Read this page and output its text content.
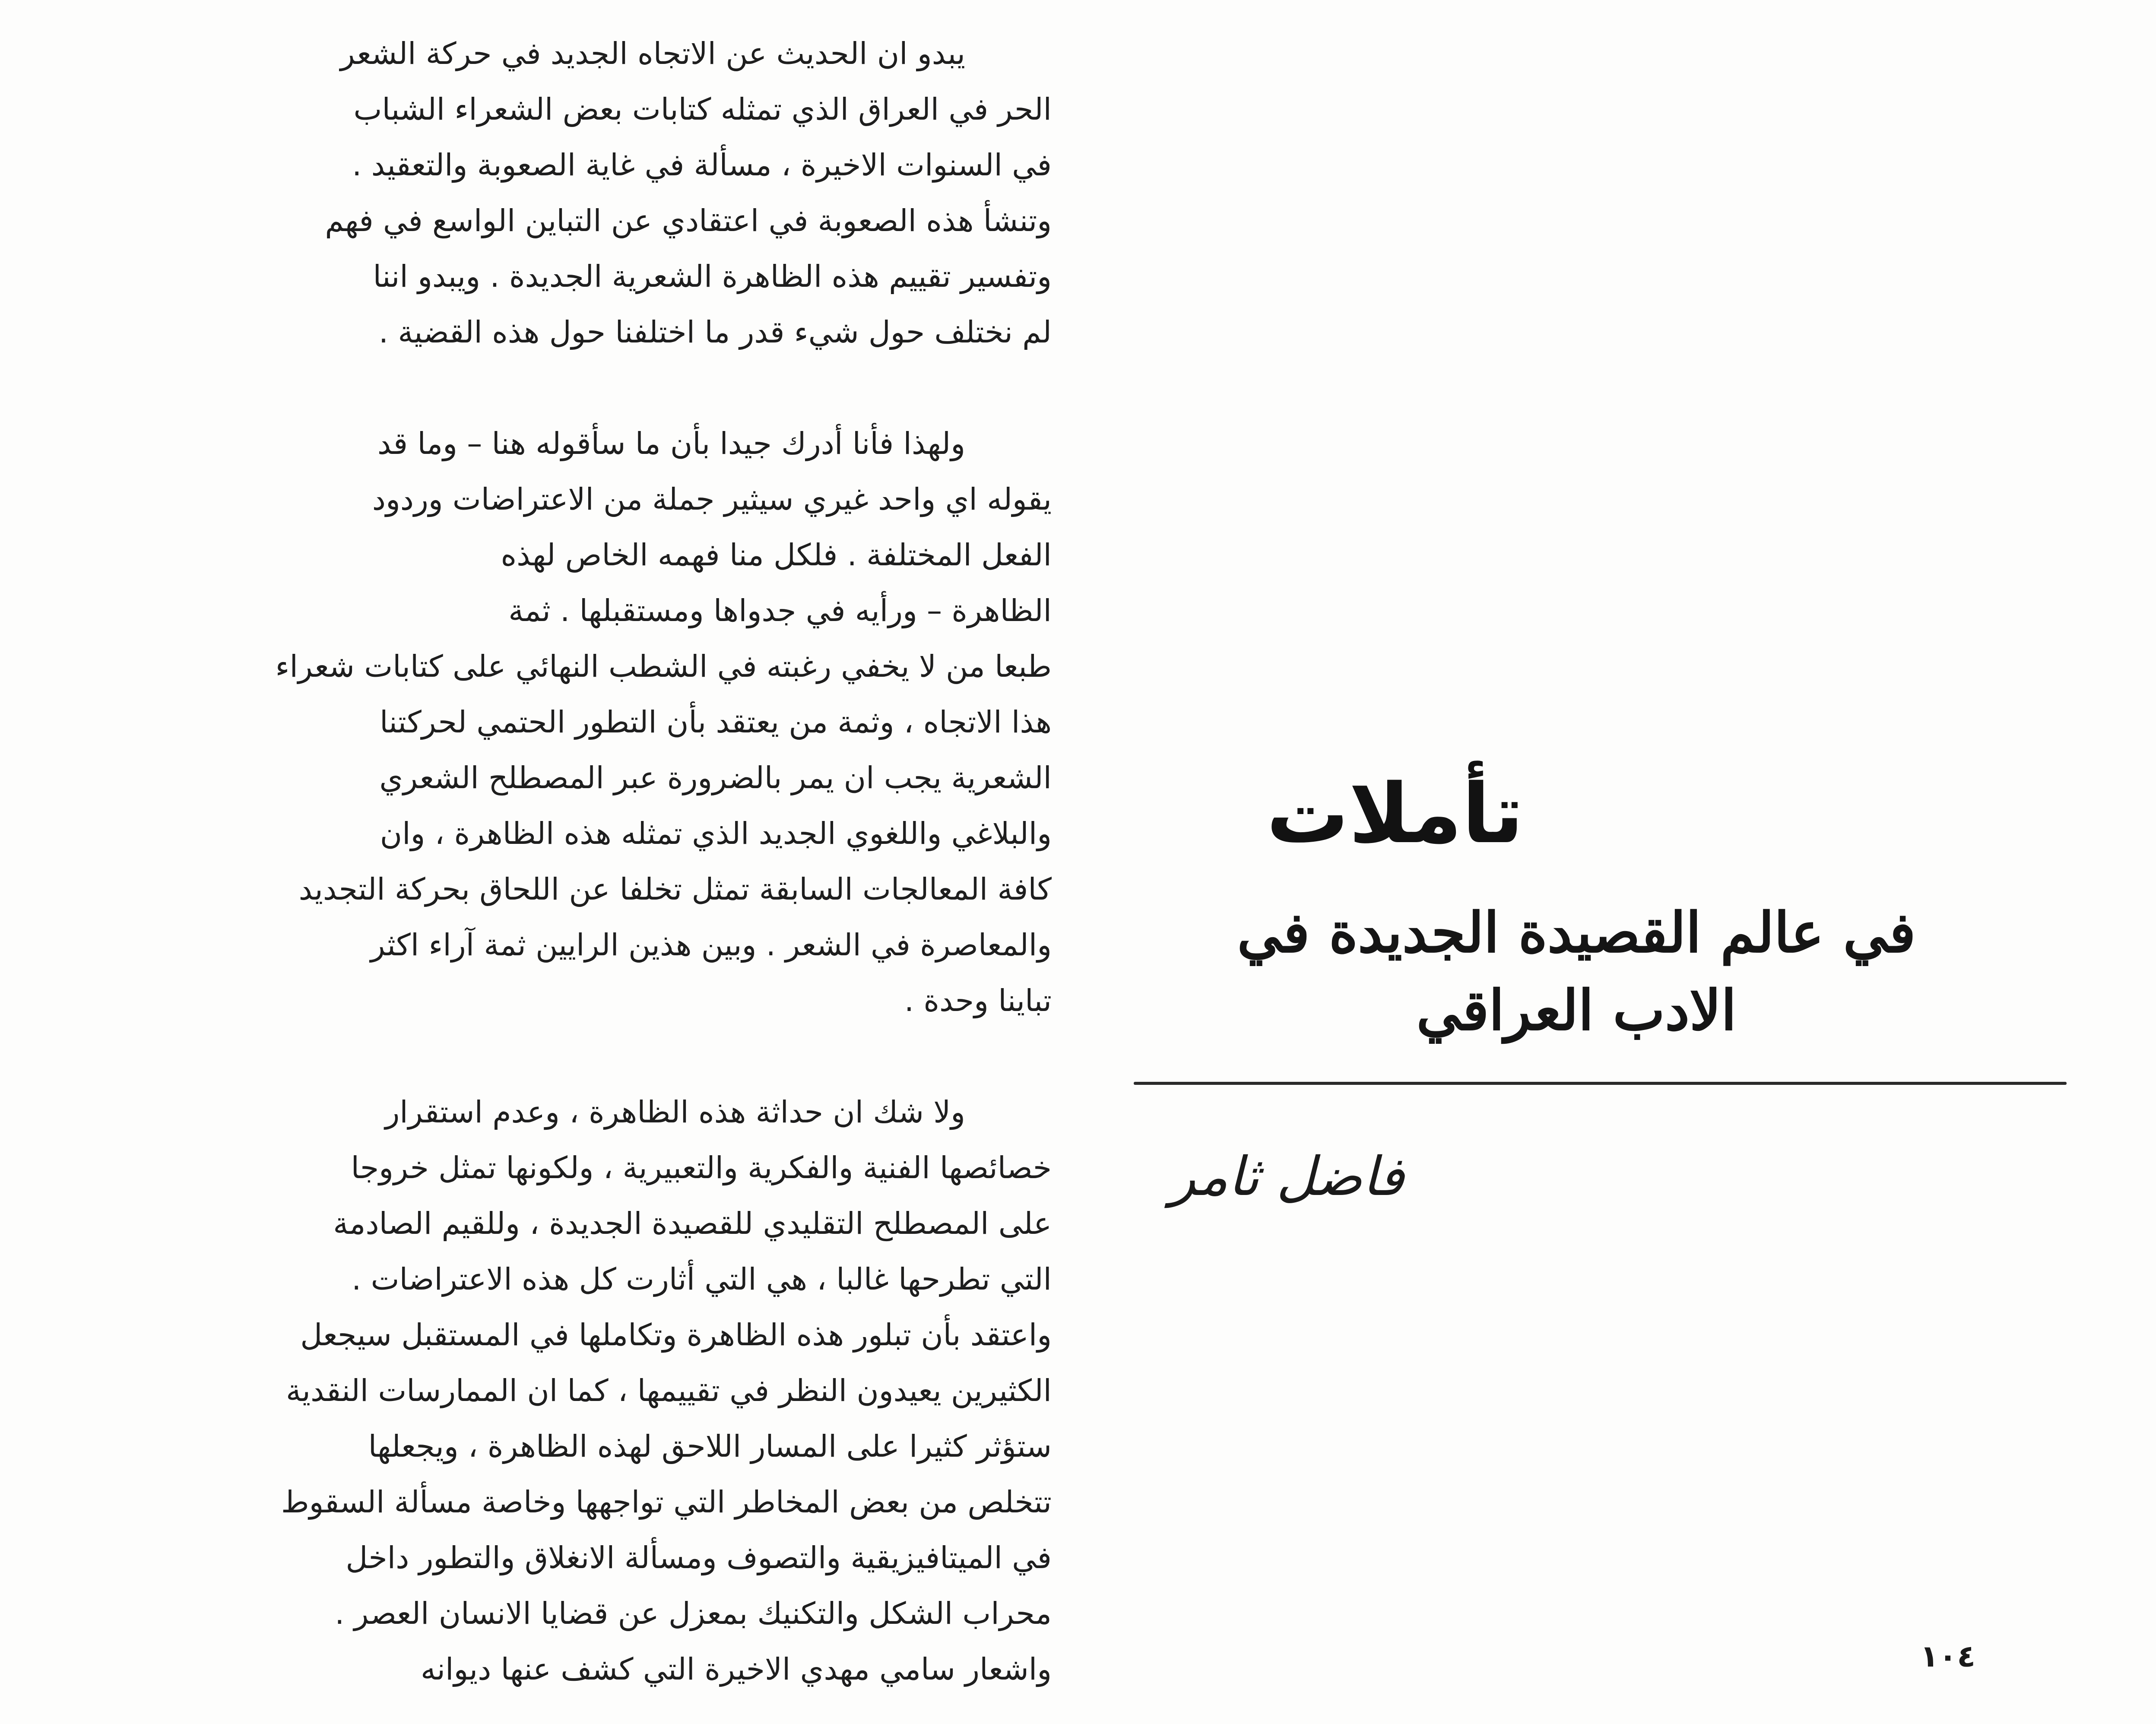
يبدو ان الحديث عن الاتجاه الجديد في حركة الشعر
الحر في العراق الذي تمثله كتابات بعض الشعراء الشباب
في السنوات الاخيرة ، مسألة في غاية الصعوبة والتعقيد .
وتنشأ هذه الصعوبة في اعتقادي عن التباين الواسع في فهم
وتفسير تقييم هذه الظاهرة الشعرية الجديدة . ويبدو اننا
لم نختلف حول شيء قدر ما اختلفنا حول هذه القضية .

ولهذا فأنا أدرك جيدا بأن ما سأقوله هنا – وما قد
يقوله اي واحد غيري سيثير جملة من الاعتراضات وردود
الفعل المختلفة . فلكل منا فهمه الخاص لهذه
الظاهرة – ورأيه في جدواها ومستقبلها . ثمة
طبعا من لا يخفي رغبته في الشطب النهائي على كتابات شعراء
هذا الاتجاه ، وثمة من يعتقد بأن التطور الحتمي لحركتنا
الشعرية يجب ان يمر بالضرورة عبر المصطلح الشعري
والبلاغي واللغوي الجديد الذي تمثله هذه الظاهرة ، وان
كافة المعالجات السابقة تمثل تخلفا عن اللحاق بحركة التجديد
والمعاصرة في الشعر . وبين هذين الرايين ثمة آراء اكثر
تباينا وحدة .

ولا شك ان حداثة هذه الظاهرة ، وعدم استقرار
خصائصها الفنية والفكرية والتعبيرية ، ولكونها تمثل خروجا
على المصطلح التقليدي للقصيدة الجديدة ، وللقيم الصادمة
التي تطرحها غالبا ، هي التي أثارت كل هذه الاعتراضات .
واعتقد بأن تبلور هذه الظاهرة وتكاملها في المستقبل سيجعل
الكثيرين يعيدون النظر في تقييمها ، كما ان الممارسات النقدية
ستؤثر كثيرا على المسار اللاحق لهذه الظاهرة ، ويجعلها
تتخلص من بعض المخاطر التي تواجهها وخاصة مسألة السقوط
في الميتافيزيقية والتصوف ومسألة الانغلاق والتطور داخل
محراب الشكل والتكنيك بمعزل عن قضايا الانسان العصر .
واشعار سامي مهدي الاخيرة التي كشف عنها ديوانه

تأملات
في عالم القصيدة الجديدة في الادب العراقي
فاضل ثامر
١٠٤
